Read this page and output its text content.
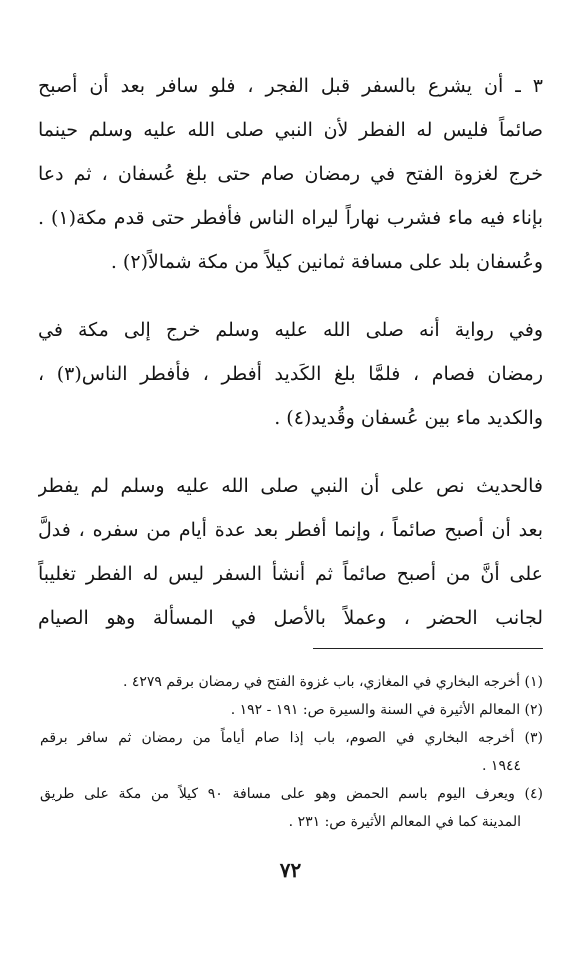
٣ ـ أن يشرع بالسفر قبل الفجر ، فلو سافر بعد أن أصبح
صائماً فليس له الفطر لأن النبي صلى الله عليه وسلم حينما
خرج لغزوة الفتح في رمضان صام حتى بلغ عُسفان ، ثم دعا
بإناء فيه ماء فشرب نهاراً ليراه الناس فأفطر حتى قدم مكة(١) .
وعُسفان بلد على مسافة ثمانين كيلاً من مكة شمالاً(٢) .
وفي رواية أنه صلى الله عليه وسلم خرج إلى مكة في
رمضان فصام ، فلمَّا بلغ الكَديد أفطر ، فأفطر الناس(٣) ،
والكديد ماء بين عُسفان وقُديد(٤) .
فالحديث نص على أن النبي صلى الله عليه وسلم لم يفطر
بعد أن أصبح صائماً ، وإنما أفطر بعد عدة أيام من سفره ، فدلَّ
على أنَّ من أصبح صائماً ثم أنشأ السفر ليس له الفطر تغليباً
لجانب الحضر ، وعملاً بالأصل في المسألة وهو الصيام
(١) أخرجه البخاري في المغازي، باب غزوة الفتح في رمضان برقم ٤٢٧٩ .
(٢) المعالم الأثيرة في السنة والسيرة ص: ١٩١ - ١٩٢ .
(٣) أخرجه البخاري في الصوم، باب إذا صام أياماً من رمضان ثم سافر برقم
١٩٤٤ .
(٤) ويعرف اليوم باسم الحمض وهو على مسافة ٩٠ كيلاً من مكة على طريق
المدينة كما في المعالم الأثيرة ص: ٢٣١ .
٧٢
